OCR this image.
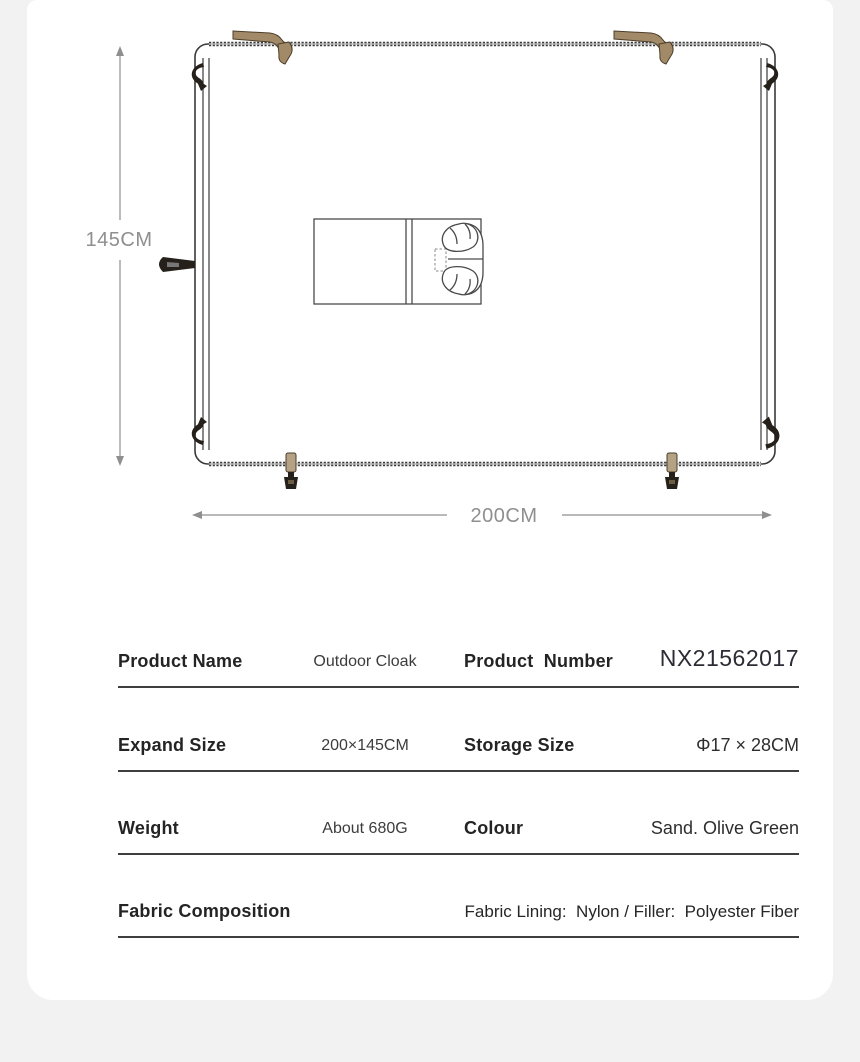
145CM
200CM
Product Name	Outdoor Cloak	Product  Number	NX21562017
Expand Size	200×145CM	Storage Size	Φ17 × 28CM
Weight	About 680G	Colour	Sand. Olive Green
Fabric Composition	Fabric Lining:  Nylon / Filler:  Polyester Fiber
